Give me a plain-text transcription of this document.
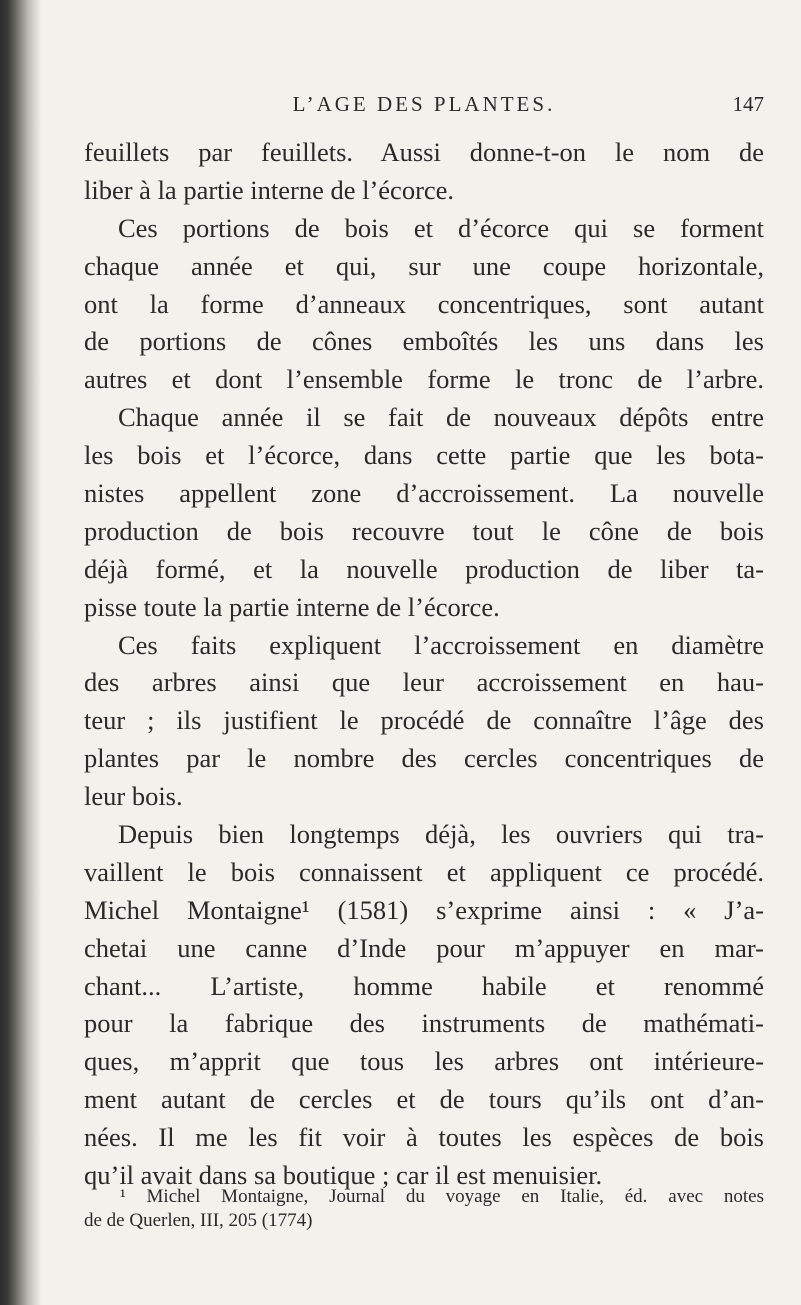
L’AGE DES PLANTES.	147
feuillets par feuillets. Aussi donne-t-on le nom de
liber à la partie interne de l’écorce.
Ces portions de bois et d’écorce qui se forment
chaque année et qui, sur une coupe horizontale,
ont la forme d’anneaux concentriques, sont autant
de portions de cônes emboîtés les uns dans les
autres et dont l’ensemble forme le tronc de l’arbre.
Chaque année il se fait de nouveaux dépôts entre
les bois et l’écorce, dans cette partie que les bota-
nistes appellent zone d’accroissement. La nouvelle
production de bois recouvre tout le cône de bois
déjà formé, et la nouvelle production de liber ta-
pisse toute la partie interne de l’écorce.
Ces faits expliquent l’accroissement en diamètre
des arbres ainsi que leur accroissement en hau-
teur ; ils justifient le procédé de connaître l’âge des
plantes par le nombre des cercles concentriques de
leur bois.
Depuis bien longtemps déjà, les ouvriers qui tra-
vaillent le bois connaissent et appliquent ce procédé.
Michel Montaigne¹ (1581) s’exprime ainsi : « J’a-
chetai une canne d’Inde pour m’appuyer en mar-
chant... L’artiste, homme habile et renommé
pour la fabrique des instruments de mathémati-
ques, m’apprit que tous les arbres ont intérieure-
ment autant de cercles et de tours qu’ils ont d’an-
nées. Il me les fit voir à toutes les espèces de bois
qu’il avait dans sa boutique ; car il est menuisier.
¹ Michel Montaigne, Journal du voyage en Italie, éd. avec notes
de de Querlen, III, 205 (1774)
